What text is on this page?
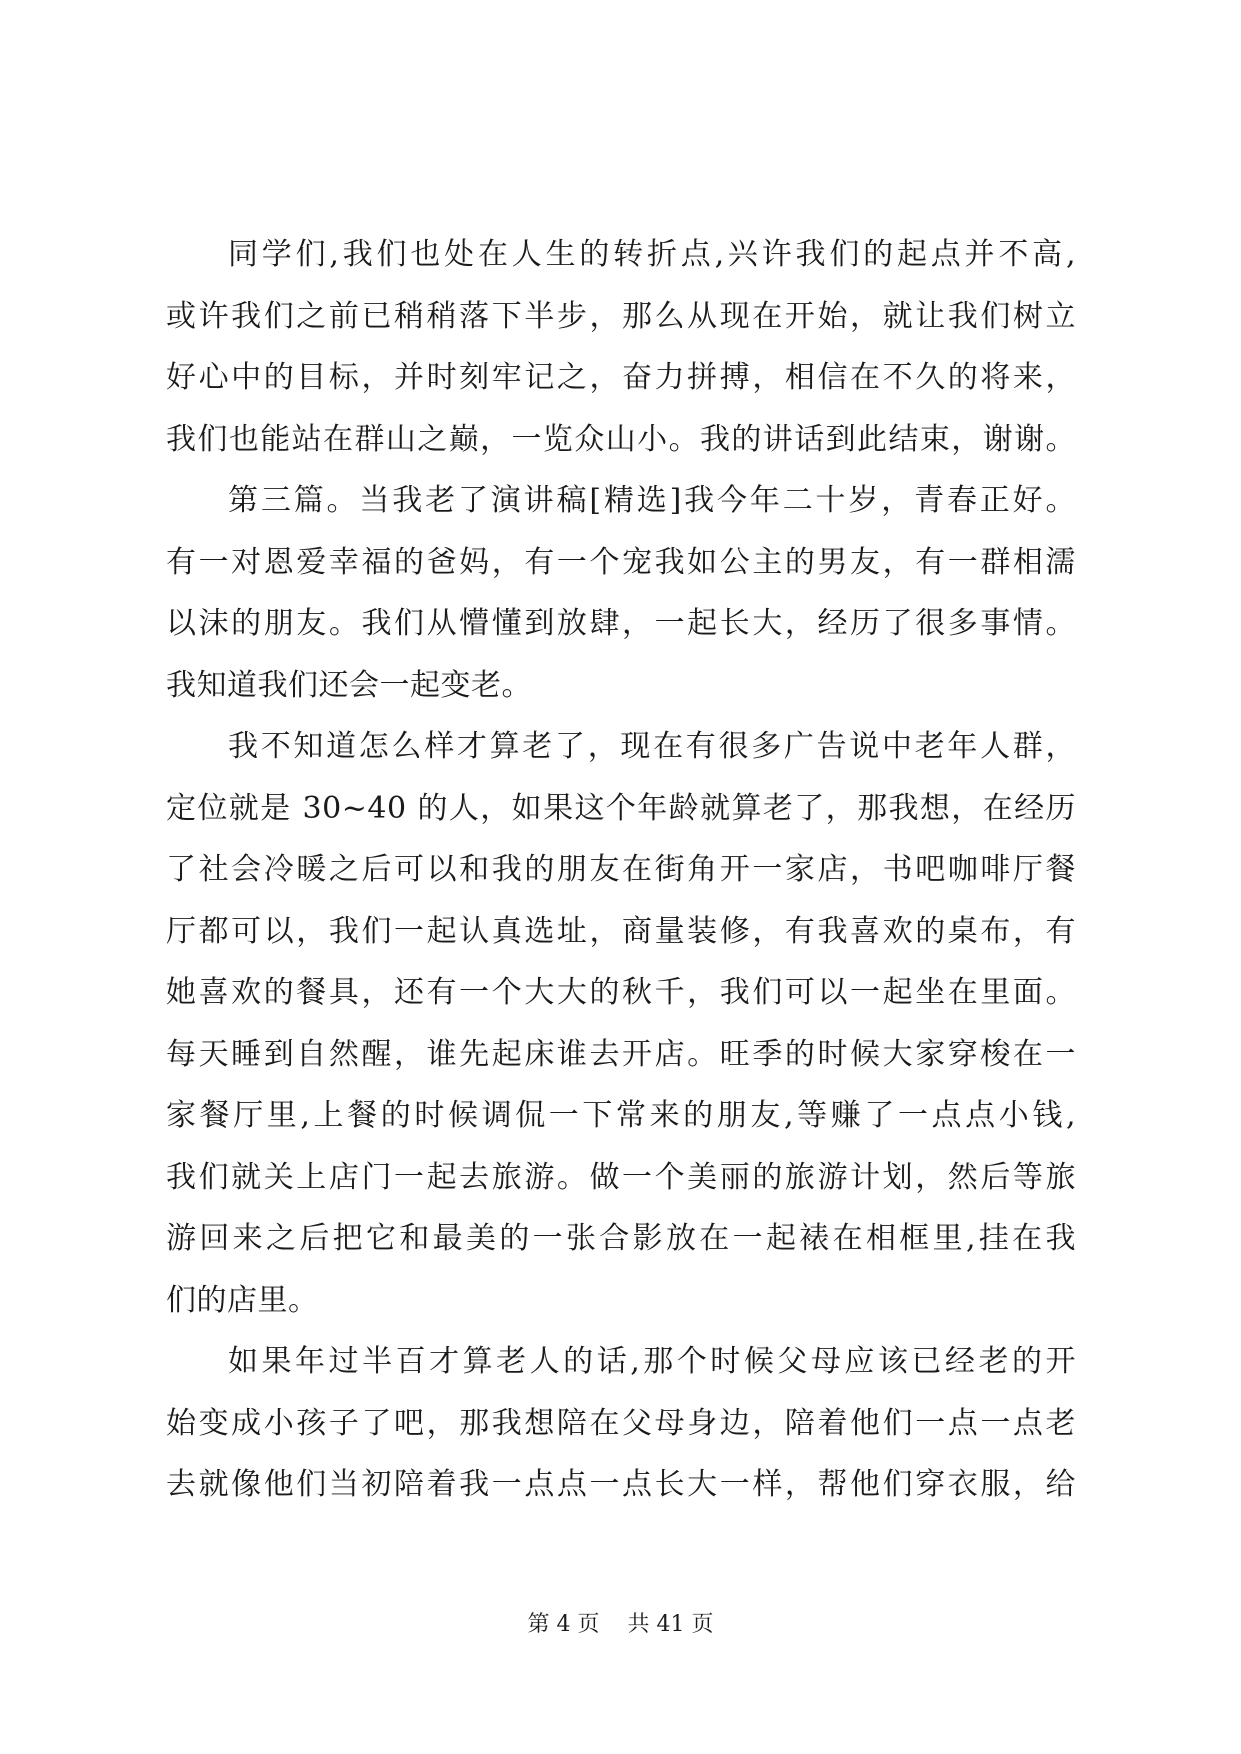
同学们,我们也处在人生的转折点,兴许我们的起点并不高,
或许我们之前已稍稍落下半步，那么从现在开始，就让我们树立
好心中的目标，并时刻牢记之，奋力拼搏，相信在不久的将来，
我们也能站在群山之巅，一览众山小。我的讲话到此结束，谢谢。
第三篇。当我老了演讲稿[精选]我今年二十岁，青春正好。
有一对恩爱幸福的爸妈，有一个宠我如公主的男友，有一群相濡
以沫的朋友。我们从懵懂到放肆，一起长大，经历了很多事情。
我知道我们还会一起变老。
我不知道怎么样才算老了，现在有很多广告说中老年人群，
定位就是 30~40 的人，如果这个年龄就算老了，那我想，在经历
了社会冷暖之后可以和我的朋友在街角开一家店，书吧咖啡厅餐
厅都可以，我们一起认真选址，商量装修，有我喜欢的桌布，有
她喜欢的餐具，还有一个大大的秋千，我们可以一起坐在里面。
每天睡到自然醒，谁先起床谁去开店。旺季的时候大家穿梭在一
家餐厅里,上餐的时候调侃一下常来的朋友,等赚了一点点小钱,
我们就关上店门一起去旅游。做一个美丽的旅游计划，然后等旅
游回来之后把它和最美的一张合影放在一起裱在相框里,挂在我
们的店里。
如果年过半百才算老人的话,那个时候父母应该已经老的开
始变成小孩子了吧，那我想陪在父母身边，陪着他们一点一点老
去就像他们当初陪着我一点点一点长大一样，帮他们穿衣服，给
第 4 页 共 41 页
